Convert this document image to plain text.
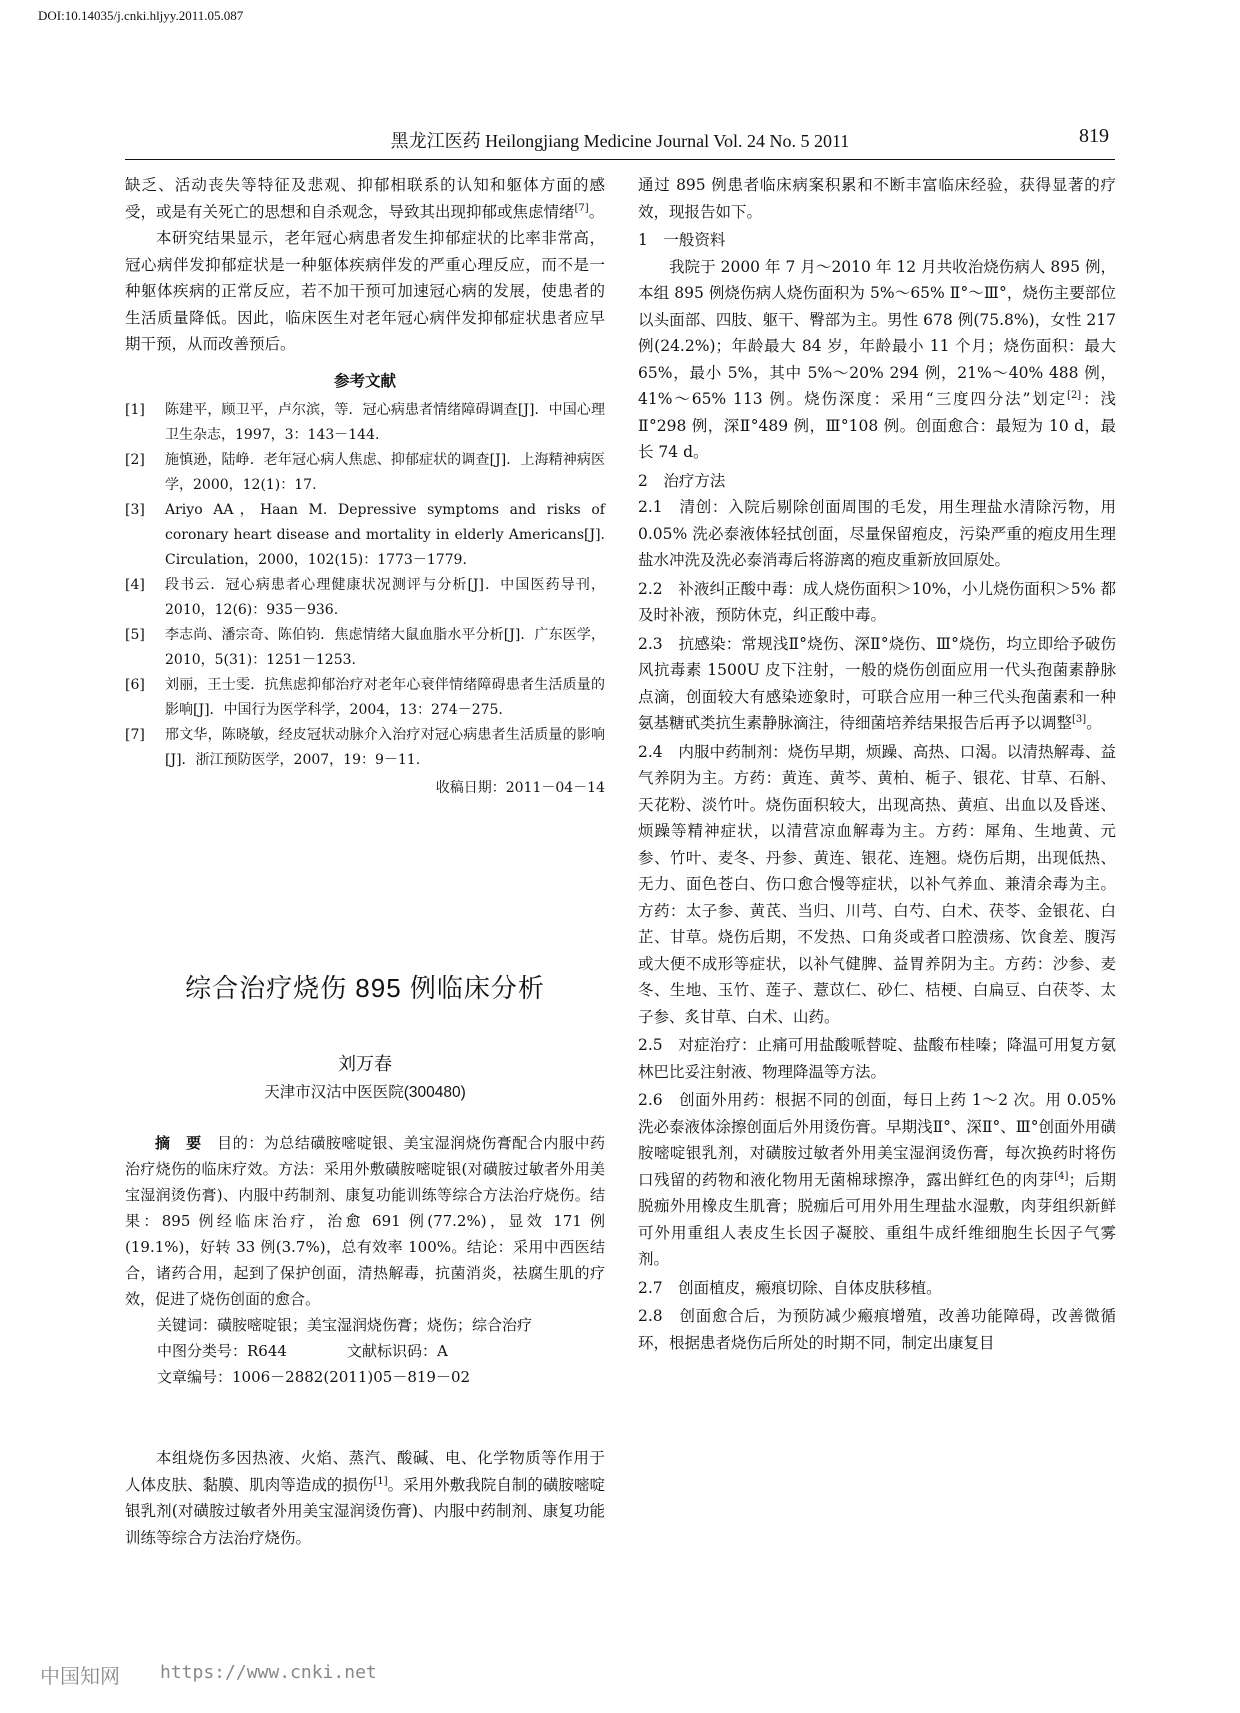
DOI:10.14035/j.cnki.hljyy.2011.05.087
黑龙江医药 Heilongjiang Medicine Journal Vol. 24 No. 5 2011	819

缺乏、活动丧失等特征及悲观、抑郁相联系的认知和躯体方面的感受，或是有关死亡的思想和自杀观念，导致其出现抑郁或焦虑情绪[7]。

本研究结果显示，老年冠心病患者发生抑郁症状的比率非常高，冠心病伴发抑郁症状是一种躯体疾病伴发的严重心理反应，而不是一种躯体疾病的正常反应，若不加干预可加速冠心病的发展，使患者的生活质量降低。因此，临床医生对老年冠心病伴发抑郁症状患者应早期干预，从而改善预后。

参考文献
[1]	陈建平，顾卫平，卢尔滨，等．冠心病患者情绪障碍调查[J]．中国心理卫生杂志，1997，3：143－144.
[2]	施慎逊，陆峥．老年冠心病人焦虑、抑郁症状的调查[J]．上海精神病医学，2000，12(1)：17.
[3]	Ariyo AA，Haan M. Depressive symptoms and risks of coronary heart disease and mortality in elderly Americans[J]. Circulation，2000，102(15)：1773－1779.
[4]	段书云．冠心病患者心理健康状况测评与分析[J]．中国医药导刊，2010，12(6)：935－936.
[5]	李志尚、潘宗奇、陈伯钧．焦虑情绪大鼠血脂水平分析[J]．广东医学，2010，5(31)：1251－1253.
[6]	刘丽，王士雯．抗焦虑抑郁治疗对老年心衰伴情绪障碍患者生活质量的影响[J]．中国行为医学科学，2004，13：274－275.
[7]	邢文华，陈晓敏，经皮冠状动脉介入治疗对冠心病患者生活质量的影响[J]．浙江预防医学，2007，19：9－11.
收稿日期：2011－04－14
综合治疗烧伤 895 例临床分析
刘万春
天津市汉沽中医医院(300480)

摘　要　 目的：为总结磺胺嘧啶银、美宝湿润烧伤膏配合内服中药治疗烧伤的临床疗效。方法：采用外敷磺胺嘧啶银(对磺胺过敏者外用美宝湿润烫伤膏)、内服中药制剂、康复功能训练等综合方法治疗烧伤。结果：895 例经临床治疗，治愈 691 例(77.2%)，显效 171 例(19.1%)，好转 33 例(3.7%)，总有效率 100%。结论：采用中西医结合，诸药合用，起到了保护创面，清热解毒，抗菌消炎，祛腐生肌的疗效，促进了烧伤创面的愈合。

关键词：磺胺嘧啶银；美宝湿润烧伤膏；烧伤；综合治疗
中图分类号：R644	文献标识码：A
文章编号：1006－2882(2011)05－819－02

本组烧伤多因热液、火焰、蒸汽、酸碱、电、化学物质等作用于人体皮肤、黏膜、肌肉等造成的损伤[1]。采用外敷我院自制的磺胺嘧啶银乳剂(对磺胺过敏者外用美宝湿润烫伤膏)、内服中药制剂、康复功能训练等综合方法治疗烧伤。

通过 895 例患者临床病案积累和不断丰富临床经验，获得显著的疗效，现报告如下。

1　一般资料

我院于 2000 年 7 月～2010 年 12 月共收治烧伤病人 895 例，本组 895 例烧伤病人烧伤面积为 5%～65% Ⅱ°～Ⅲ°，烧伤主要部位以头面部、四肢、躯干、臀部为主。男性 678 例(75.8%)，女性 217 例(24.2%)；年龄最大 84 岁，年龄最小 11 个月；烧伤面积：最大 65%，最小 5%，其中 5%～20% 294 例，21%～40% 488 例，41%～65% 113 例。烧伤深度：采用“三度四分法”划定[2]：浅Ⅱ°298 例，深Ⅱ°489 例，Ⅲ°108 例。创面愈合：最短为 10 d，最长 74 d。

2　治疗方法

2.1　清创：入院后剔除创面周围的毛发，用生理盐水清除污物，用 0.05% 洗必泰液体轻拭创面，尽量保留疱皮，污染严重的疱皮用生理盐水冲洗及洗必泰消毒后将游离的疱皮重新放回原处。

2.2　补液纠正酸中毒：成人烧伤面积＞10%，小儿烧伤面积＞5% 都及时补液，预防休克，纠正酸中毒。

2.3　抗感染：常规浅Ⅱ°烧伤、深Ⅱ°烧伤、Ⅲ°烧伤，均立即给予破伤风抗毒素 1500U 皮下注射，一般的烧伤创面应用一代头孢菌素静脉点滴，创面较大有感染迹象时，可联合应用一种三代头孢菌素和一种氨基糖甙类抗生素静脉滴注，待细菌培养结果报告后再予以调整[3]。

2.4　内服中药制剂：烧伤早期，烦躁、高热、口渴。以清热解毒、益气养阴为主。方药：黄连、黄芩、黄柏、栀子、银花、甘草、石斛、天花粉、淡竹叶。烧伤面积较大，出现高热、黄疸、出血以及昏迷、烦躁等精神症状，以清营凉血解毒为主。方药：犀角、生地黄、元参、竹叶、麦冬、丹参、黄连、银花、连翘。烧伤后期，出现低热、无力、面色苍白、伤口愈合慢等症状，以补气养血、兼清余毒为主。方药：太子参、黄芪、当归、川芎、白芍、白术、茯苓、金银花、白芷、甘草。烧伤后期，不发热、口角炎或者口腔溃疡、饮食差、腹泻或大便不成形等症状，以补气健脾、益胃养阴为主。方药：沙参、麦冬、生地、玉竹、莲子、薏苡仁、砂仁、桔梗、白扁豆、白茯苓、太子参、炙甘草、白术、山药。

2.5　对症治疗：止痛可用盐酸哌替啶、盐酸布桂嗪；降温可用复方氨林巴比妥注射液、物理降温等方法。

2.6　创面外用药：根据不同的创面，每日上药 1～2 次。用 0.05% 洗必泰液体涂擦创面后外用烫伤膏。早期浅Ⅱ°、深Ⅱ°、Ⅲ°创面外用磺胺嘧啶银乳剂，对磺胺过敏者外用美宝湿润烫伤膏，每次换药时将伤口残留的药物和液化物用无菌棉球擦净，露出鲜红色的肉芽[4]；后期脱痂外用橡皮生肌膏；脱痂后可用外用生理盐水湿敷，肉芽组织新鲜可外用重组人表皮生长因子凝胶、重组牛成纤维细胞生长因子气雾剂。

2.7　创面植皮，瘢痕切除、自体皮肤移植。

2.8　创面愈合后，为预防减少瘢痕增殖，改善功能障碍，改善微循环，根据患者烧伤后所处的时期不同，制定出康复目

中国知网 https://www.cnki.net
